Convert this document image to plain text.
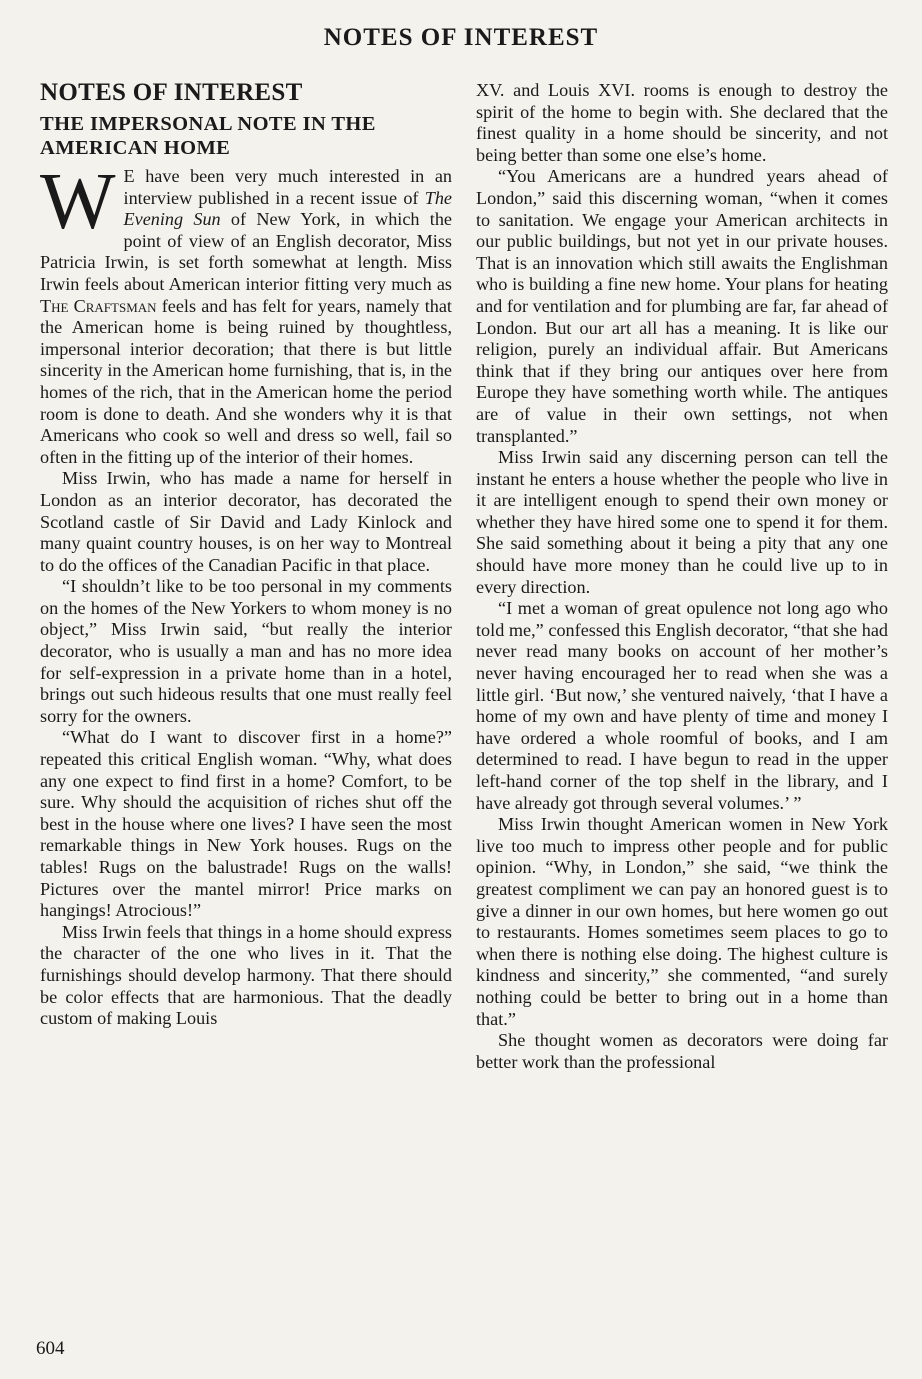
NOTES OF INTEREST
NOTES OF INTEREST
THE IMPERSONAL NOTE IN THE AMERICAN HOME

W E have been very much interested in an interview published in a recent issue of The Evening Sun of New York, in which the point of view of an English decorator, Miss Patricia Irwin, is set forth somewhat at length. Miss Irwin feels about American interior fitting very much as The Craftsman feels and has felt for years, namely that the American home is being ruined by thoughtless, impersonal interior decoration; that there is but little sincerity in the American home furnishing, that is, in the homes of the rich, that in the American home the period room is done to death. And she wonders why it is that Americans who cook so well and dress so well, fail so often in the fitting up of the interior of their homes.

Miss Irwin, who has made a name for herself in London as an interior decorator, has decorated the Scotland castle of Sir David and Lady Kinlock and many quaint country houses, is on her way to Montreal to do the offices of the Canadian Pacific in that place.

“I shouldn’t like to be too personal in my comments on the homes of the New Yorkers to whom money is no object,” Miss Irwin said, “but really the interior decorator, who is usually a man and has no more idea for self-expression in a private home than in a hotel, brings out such hideous results that one must really feel sorry for the owners.

“What do I want to discover first in a home?” repeated this critical English woman. “Why, what does any one expect to find first in a home? Comfort, to be sure. Why should the acquisition of riches shut off the best in the house where one lives? I have seen the most remarkable things in New York houses. Rugs on the tables! Rugs on the balustrade! Rugs on the walls! Pictures over the mantel mirror! Price marks on hangings! Atrocious!”

Miss Irwin feels that things in a home should express the character of the one who lives in it. That the furnishings should develop harmony. That there should be color effects that are harmonious. That the deadly custom of making Louis

XV. and Louis XVI. rooms is enough to destroy the spirit of the home to begin with. She declared that the finest quality in a home should be sincerity, and not being better than some one else’s home.

“You Americans are a hundred years ahead of London,” said this discerning woman, “when it comes to sanitation. We engage your American architects in our public buildings, but not yet in our private houses. That is an innovation which still awaits the Englishman who is building a fine new home. Your plans for heating and for ventilation and for plumbing are far, far ahead of London. But our art all has a meaning. It is like our religion, purely an individual affair. But Americans think that if they bring our antiques over here from Europe they have something worth while. The antiques are of value in their own settings, not when transplanted.”

Miss Irwin said any discerning person can tell the instant he enters a house whether the people who live in it are intelligent enough to spend their own money or whether they have hired some one to spend it for them. She said something about it being a pity that any one should have more money than he could live up to in every direction.

“I met a woman of great opulence not long ago who told me,” confessed this English decorator, “that she had never read many books on account of her mother’s never having encouraged her to read when she was a little girl. ‘But now,’ she ventured naively, ‘that I have a home of my own and have plenty of time and money I have ordered a whole roomful of books, and I am determined to read. I have begun to read in the upper left-hand corner of the top shelf in the library, and I have already got through several volumes.’ ”

Miss Irwin thought American women in New York live too much to impress other people and for public opinion. “Why, in London,” she said, “we think the greatest compliment we can pay an honored guest is to give a dinner in our own homes, but here women go out to restaurants. Homes sometimes seem places to go to when there is nothing else doing. The highest culture is kindness and sincerity,” she commented, “and surely nothing could be better to bring out in a home than that.”

She thought women as decorators were doing far better work than the professional

604
